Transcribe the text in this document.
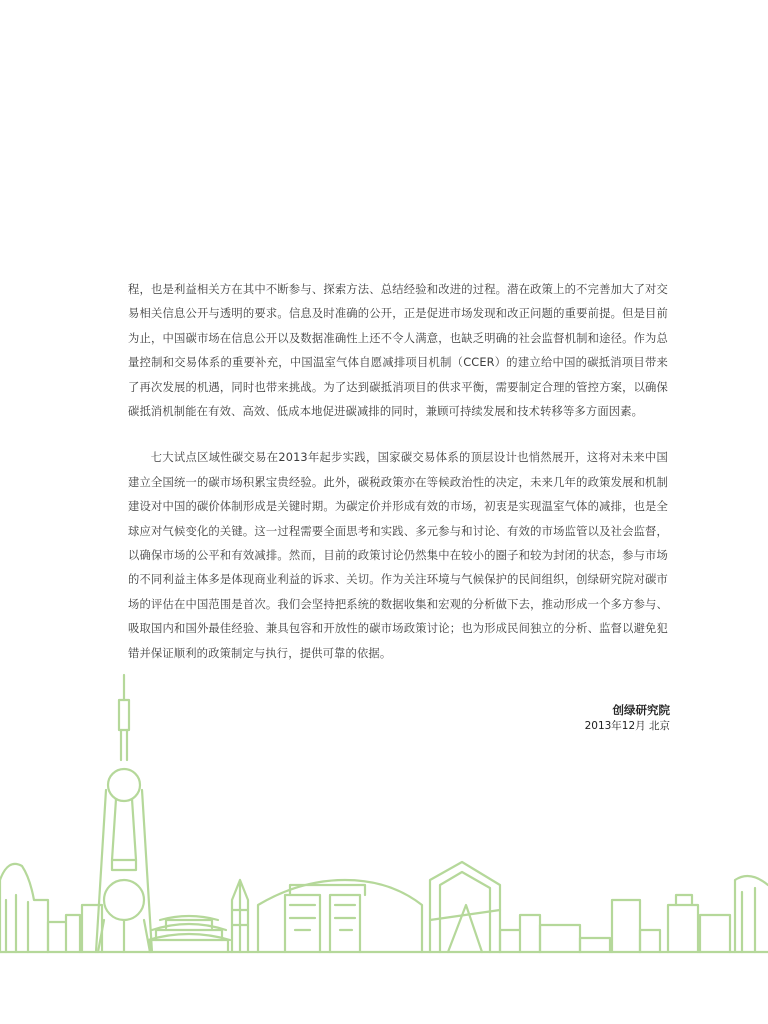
程，也是利益相关方在其中不断参与、探索方法、总结经验和改进的过程。潜在政策上的不完善加大了对交易相关信息公开与透明的要求。信息及时准确的公开，正是促进市场发现和改正问题的重要前提。但是目前为止，中国碳市场在信息公开以及数据准确性上还不令人满意，也缺乏明确的社会监督机制和途径。作为总量控制和交易体系的重要补充，中国温室气体自愿减排项目机制（CCER）的建立给中国的碳抵消项目带来了再次发展的机遇，同时也带来挑战。为了达到碳抵消项目的供求平衡，需要制定合理的管控方案，以确保碳抵消机制能在有效、高效、低成本地促进碳减排的同时，兼顾可持续发展和技术转移等多方面因素。

七大试点区域性碳交易在2013年起步实践，国家碳交易体系的顶层设计也悄然展开，这将对未来中国建立全国统一的碳市场积累宝贵经验。此外，碳税政策亦在等候政治性的决定，未来几年的政策发展和机制建设对中国的碳价体制形成是关键时期。为碳定价并形成有效的市场，初衷是实现温室气体的减排，也是全球应对气候变化的关键。这一过程需要全面思考和实践、多元参与和讨论、有效的市场监管以及社会监督，以确保市场的公平和有效减排。然而，目前的政策讨论仍然集中在较小的圈子和较为封闭的状态，参与市场的不同利益主体多是体现商业利益的诉求、关切。作为关注环境与气候保护的民间组织，创绿研究院对碳市场的评估在中国范围是首次。我们会坚持把系统的数据收集和宏观的分析做下去，推动形成一个多方参与、吸取国内和国外最佳经验、兼具包容和开放性的碳市场政策讨论；也为形成民间独立的分析、监督以避免犯错并保证顺利的政策制定与执行，提供可靠的依据。

创绿研究院
2013年12月 北京
